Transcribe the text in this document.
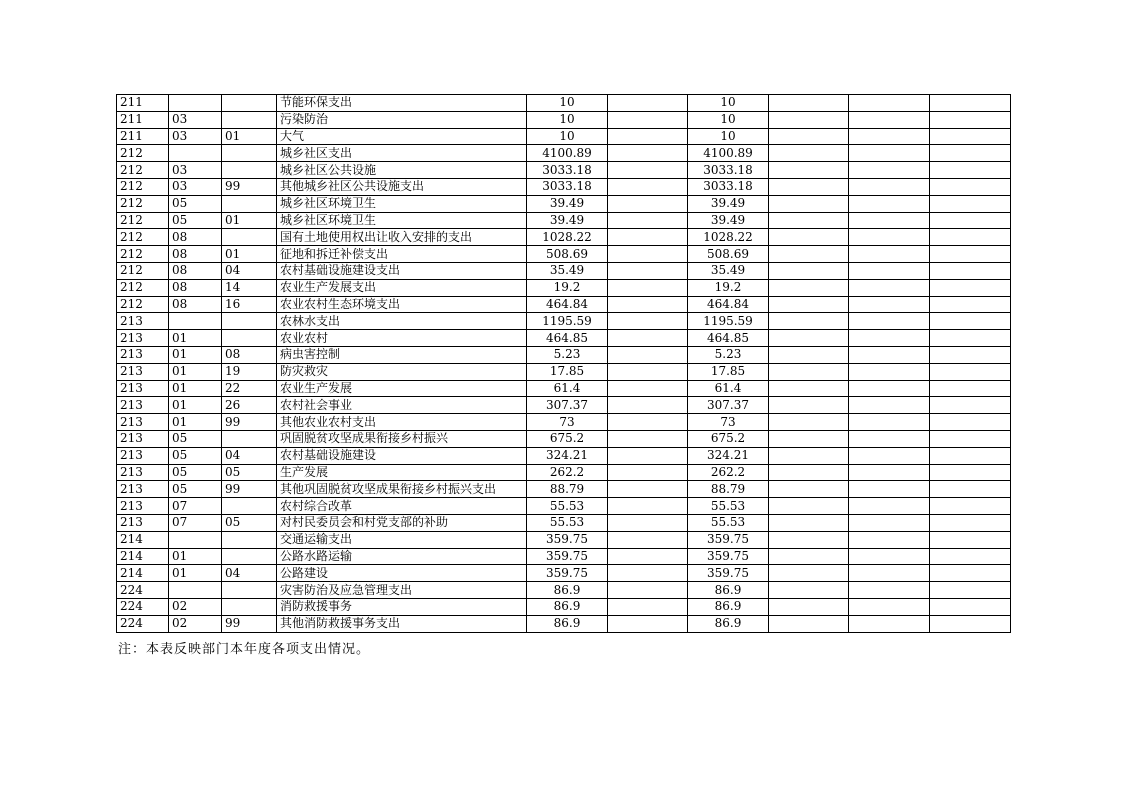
211			节能环保支出	10		10			
211	03		污染防治	10		10			
211	03	01	大气	10		10			
212			城乡社区支出	4100.89		4100.89			
212	03		城乡社区公共设施	3033.18		3033.18			
212	03	99	其他城乡社区公共设施支出	3033.18		3033.18			
212	05		城乡社区环境卫生	39.49		39.49			
212	05	01	城乡社区环境卫生	39.49		39.49			
212	08		国有土地使用权出让收入安排的支出	1028.22		1028.22			
212	08	01	征地和拆迁补偿支出	508.69		508.69			
212	08	04	农村基础设施建设支出	35.49		35.49			
212	08	14	农业生产发展支出	19.2		19.2			
212	08	16	农业农村生态环境支出	464.84		464.84			
213			农林水支出	1195.59		1195.59			
213	01		农业农村	464.85		464.85			
213	01	08	病虫害控制	5.23		5.23			
213	01	19	防灾救灾	17.85		17.85			
213	01	22	农业生产发展	61.4		61.4			
213	01	26	农村社会事业	307.37		307.37			
213	01	99	其他农业农村支出	73		73			
213	05		巩固脱贫攻坚成果衔接乡村振兴	675.2		675.2			
213	05	04	农村基础设施建设	324.21		324.21			
213	05	05	生产发展	262.2		262.2			
213	05	99	其他巩固脱贫攻坚成果衔接乡村振兴支出	88.79		88.79			
213	07		农村综合改革	55.53		55.53			
213	07	05	对村民委员会和村党支部的补助	55.53		55.53			
214			交通运输支出	359.75		359.75			
214	01		公路水路运输	359.75		359.75			
214	01	04	公路建设	359.75		359.75			
224			灾害防治及应急管理支出	86.9		86.9			
224	02		消防救援事务	86.9		86.9			
224	02	99	其他消防救援事务支出	86.9		86.9			
注：本表反映部门本年度各项支出情况。
